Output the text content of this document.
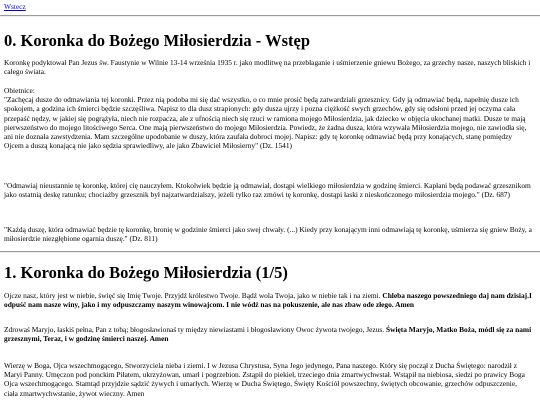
Wstecz
0. Koronka do Bożego Miłosierdzia - Wstęp

Koronkę podyktował Pan Jezus św. Faustynie w Wilnie 13-14 września 1935 r. jako modlitwę na przebłaganie i uśmierzenie gniewu Bożego, za grzechy nasze, naszych bliskich i całego świata.

Obietnice:

"Zachęcaj dusze do odmawiania tej koronki. Przez nią podoba mi się dać wszystko, o co mnie prosić będą zatwardziali grzesznicy. Gdy ją odmawiać będą, napełnię dusze ich spokojem, a godzina ich śmierci będzie szczęśliwa. Napisz to dla dusz strapionych: gdy dusza ujrzy i pozna ciężkość swych grzechów, gdy się odsłoni przed jej oczyma cała przepaść nędzy, w jakiej się pogrążyła, niech nie rozpacza, ale z ufnością niech się rzuci w ramiona mojego Miłosierdzia, jak dziecko w objęcia ukochanej matki. Dusze te mają pierwszeństwo do mojego litościwego Serca. One mają pierwszeństwo do mojego Miłosierdzia. Powiedz, że żadna dusza, która wzywała Miłosierdzia mojego, nie zawiodła się, ani nie doznała zawstydzenia. Mam szczególne upodobanie w duszy, która zaufała dobroci mojej. Napisz: gdy tę koronkę odmawiać będą przy konających, stanę pomiędzy Ojcem a duszą konającą nie jako sędzia sprawiedliwy, ale jako Zbawiciel Miłosierny" (Dz. 1541)

"Odmawiaj nieustannie tę koronkę, której cię nauczyłem. Ktokolwiek będzie ją odmawiał, dostąpi wielkiego miłosierdzia w godzinę śmierci. Kapłani będą podawać grzesznikom jako ostatnią deskę ratunku; chociażby grzesznik był najzatwardzialszy, jeżeli tylko raz zmówi tę koronkę, dostąpi łaski z nieskończonego miłosierdzia mojego." (Dz. 687)

"Każdą duszę, która odmawiać będzie tę koronkę, bronię w godzinie śmierci jako swej chwały. (...) Kiedy przy konającym inni odmawiają tę koronkę, uśmierza się gniew Boży, a miłosierdzie niezgłębione ogarnia duszę." (Dz. 811)

1. Koronka do Bożego Miłosierdzia (1/5)

Ojcze nasz, który jest w niebie, święć się Imię Twoje. Przyjdź królestwo Twoje. Bądź wola Twoja, jako w niebie tak i na ziemi. Chleba naszego powszedniego daj nam dzisiaj.I odpuść nam nasze winy, jako i my odpuszczamy naszym winowajcom. I nie wódź nas na pokuszenie, ale nas zbaw ode złego. Amen

Zdrowaś Maryjo, łaskiś pełna, Pan z tobą; błogosławionaś ty między niewiastami i błogosławiony Owoc żywota twojego, Jezus. Święta Maryjo, Matko Boża, módl się za nami grzesznymi, Teraz, i w godzinę śmierci naszej. Amen

Wierzę w Boga, Ojca wszechmogącego, Stworzyciela nieba i ziemi. I w Jezusa Chrystusa, Syna Jego jedynego, Pana naszego. Który się począł z Ducha Świętego: narodził z Maryi Panny. Umęczon pod ponckim Piłatem, ukrzyżowan, umarł i pogrzebion. Zstąpił do piekieł, trzeciego dnia zmartwychwstał. Wstąpił na niebiosa, siedzi po prawicy Boga Ojca wszechmogącego. Stamtąd przyjdzie sądzić żywych i umarłych. Wierzę w Ducha Świętego, Święty Kościół powszechny, świętych obcowanie, grzechów odpuszczenie, ciała zmartwychwstanie, żywot wieczny. Amen
